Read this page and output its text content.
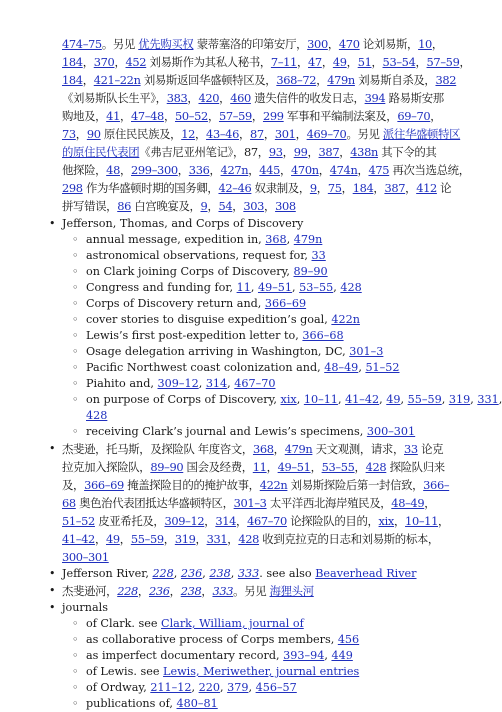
474–75。另见 优先购买权 蒙蒂塞洛的印第安厅，300，470 论刘易斯，10，
184，370，452 刘易斯作为其私人秘书，7–11，47，49，51，53–54，57–59，
184，421–22n 刘易斯返回华盛顿特区及，368–72，479n 刘易斯自杀及，382
《刘易斯队长生平》，383，420，460 遗失信件的收发日志，394 路易斯安那
购地及，41，47–48，50–52，57–59，299 军事和平编制法案及，69–70，
73，90 原住民民族及，12，43–46，87，301，469–70。另见 派往华盛顿特区
的原住民代表团《弗吉尼亚州笔记》，87，93，99，387，438n 其下令的其
他探险，48，299–300，336，427n，445，470n，474n，475 再次当选总统，
298 作为华盛顿时期的国务卿，42–46 奴隶制及，9，75，184，387，412 论
拼写错误，86 白宫晚宴及，9，54，303，308
• Jefferson, Thomas, and Corps of Discovery
◦ annual message, expedition in, 368, 479n
◦ astronomical observations, request for, 33
◦ on Clark joining Corps of Discovery, 89–90
◦ Congress and funding for, 11, 49–51, 53–55, 428
◦ Corps of Discovery return and, 366–69
◦ cover stories to disguise expedition’s goal, 422n
◦ Lewis’s first post-expedition letter to, 366–68
◦ Osage delegation arriving in Washington, DC, 301–3
◦ Pacific Northwest coast colonization and, 48–49, 51–52
◦ Piahito and, 309–12, 314, 467–70
◦ on purpose of Corps of Discovery, xix, 10–11, 41–42, 49, 55–59, 319, 331,
428
◦ receiving Clark’s journal and Lewis’s specimens, 300–301
• 杰斐逊，托马斯，及探险队 年度咨文，368，479n 天文观测，请求，33 论克
拉克加入探险队，89–90 国会及经费，11，49–51，53–55，428 探险队归来
及，366–69 掩盖探险目的的掩护故事，422n 刘易斯探险后第一封信致，366–
68 奥色治代表团抵达华盛顿特区，301–3 太平洋西北海岸殖民及，48–49，
51–52 皮亚希托及，309–12，314，467–70 论探险队的目的，xix，10–11，
41–42，49，55–59，319，331，428 收到克拉克的日志和刘易斯的标本，
300–301
• Jefferson River, 228, 236, 238, 333. see also Beaverhead River
• 杰斐逊河，228，236，238，333。另见 海狸头河
• journals
◦ of Clark. see Clark, William, journal of
◦ as collaborative process of Corps members, 456
◦ as imperfect documentary record, 393–94, 449
◦ of Lewis. see Lewis, Meriwether, journal entries
◦ of Ordway, 211–12, 220, 379, 456–57
◦ publications of, 480–81
